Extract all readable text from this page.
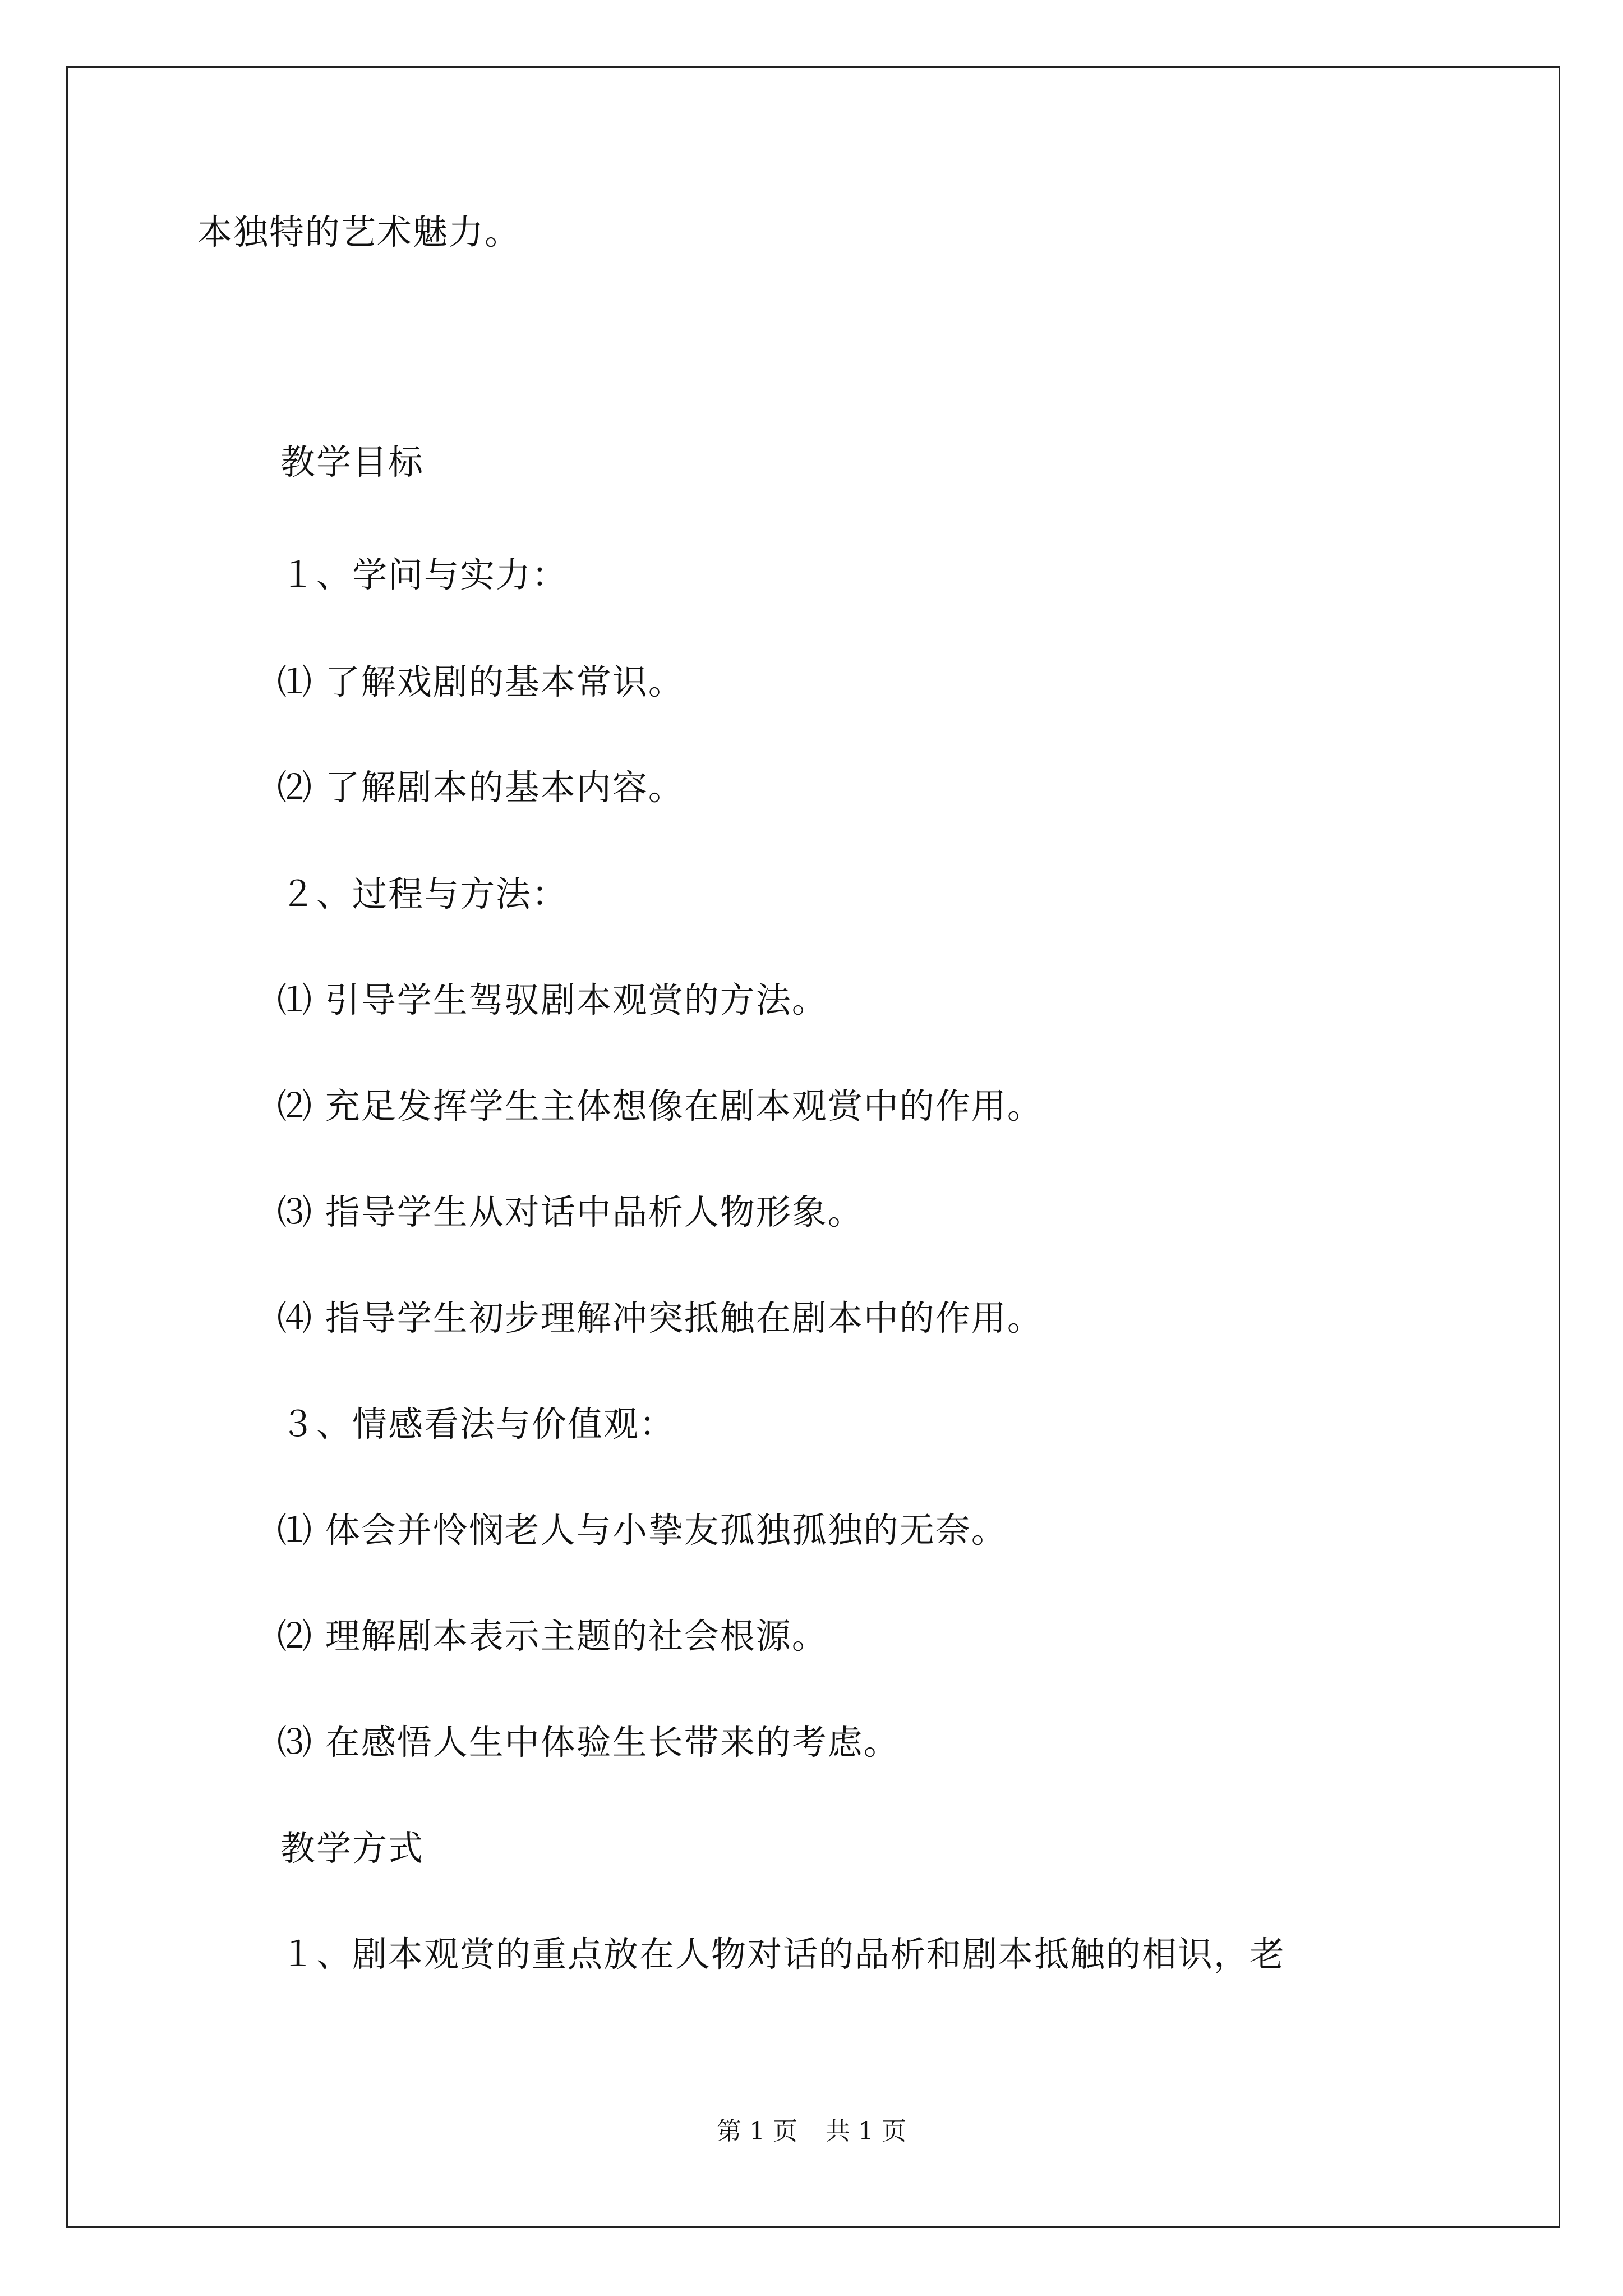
本独特的艺术魅力。
教学目标
１、学问与实力：
⑴ 了解戏剧的基本常识。
⑵ 了解剧本的基本内容。
２、过程与方法：
⑴ 引导学生驾驭剧本观赏的方法。
⑵ 充足发挥学生主体想像在剧本观赏中的作用。
⑶ 指导学生从对话中品析人物形象。
⑷ 指导学生初步理解冲突抵触在剧本中的作用。
３、情感看法与价值观：
⑴ 体会并怜悯老人与小挚友孤独孤独的无奈。
⑵ 理解剧本表示主题的社会根源。
⑶ 在感悟人生中体验生长带来的考虑。
教学方式
１、剧本观赏的重点放在人物对话的品析和剧本抵触的相识，老
第 1 页 共 1 页
